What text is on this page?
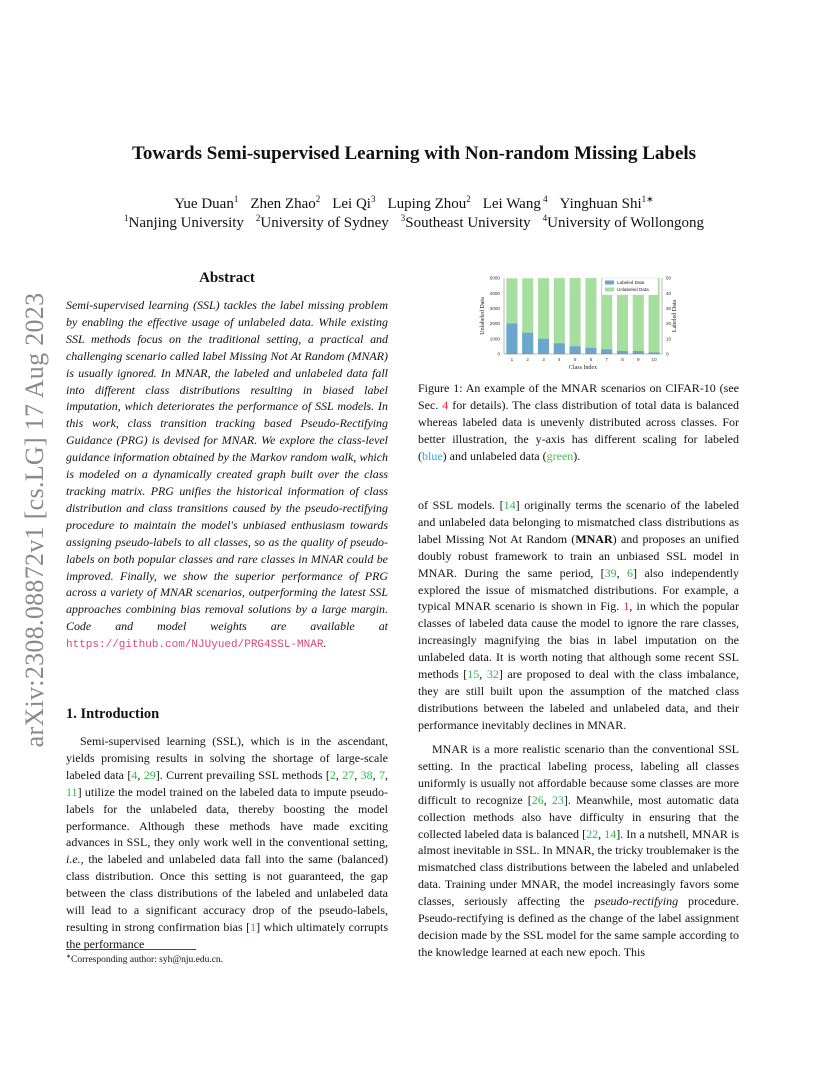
arXiv:2308.08872v1 [cs.LG] 17 Aug 2023
Towards Semi-supervised Learning with Non-random Missing Labels
Yue Duan$^1$ Zhen Zhao$^2$ Lei Qi$^3$ Luping Zhou$^2$ Lei Wang $^4$ Yinghuan Shi$^{1∗}$
$^1$Nanjing University $^2$University of Sydney $^3$Southeast University $^4$University of Wollongong
Abstract

Semi-supervised learning (SSL) tackles the label missing problem by enabling the effective usage of unlabeled data. While existing SSL methods focus on the traditional setting, a practical and challenging scenario called label Missing Not At Random (MNAR) is usually ignored. In MNAR, the labeled and unlabeled data fall into different class distributions resulting in biased label imputation, which deteriorates the performance of SSL models. In this work, class transition tracking based Pseudo-Rectifying Guidance (PRG) is devised for MNAR. We explore the class-level guidance information obtained by the Markov random walk, which is modeled on a dynamically created graph built over the class tracking matrix. PRG unifies the historical information of class distribution and class transitions caused by the pseudo-rectifying procedure to maintain the model's unbiased enthusiasm towards assigning pseudo-labels to all classes, so as the quality of pseudo-labels on both popular classes and rare classes in MNAR could be improved. Finally, we show the superior performance of PRG across a variety of MNAR scenarios, outperforming the latest SSL approaches combining bias removal solutions by a large margin. Code and model weights are available at https://github.com/NJUyued/PRG4SSL-MNAR.

1. Introduction

Semi-supervised learning (SSL), which is in the ascendant, yields promising results in solving the shortage of large-scale labeled data [4, 29]. Current prevailing SSL methods [2, 27, 38, 7, 11] utilize the model trained on the labeled data to impute pseudo-labels for the unlabeled data, thereby boosting the model performance. Although these methods have made exciting advances in SSL, they only work well in the conventional setting, i.e., the labeled and unlabeled data fall into the same (balanced) class distribution. Once this setting is not guaranteed, the gap between the class distributions of the labeled and unlabeled data will lead to a significant accuracy drop of the pseudo-labels, resulting in strong confirmation bias [1] which ultimately corrupts the performance

∗Corresponding author: syh@nju.edu.cn.
1	2	3	4	5	6	7	8	9	10
0
1000
2000
3000
4000
5000
0
10
20
30
40
50
Class Index
Unlabeled Data	Labeled Data
Labeled Data
Unlabeled Data

Figure 1: An example of the MNAR scenarios on CIFAR-10 (see Sec. 4 for details). The class distribution of total data is balanced whereas labeled data is unevenly distributed across classes. For better illustration, the y-axis has different scaling for labeled (blue) and unlabeled data (green).

of SSL models. [14] originally terms the scenario of the labeled and unlabeled data belonging to mismatched class distributions as label Missing Not At Random (MNAR) and proposes an unified doubly robust framework to train an unbiased SSL model in MNAR. During the same period, [39, 6] also independently explored the issue of mismatched distributions. For example, a typical MNAR scenario is shown in Fig. 1, in which the popular classes of labeled data cause the model to ignore the rare classes, increasingly magnifying the bias in label imputation on the unlabeled data. It is worth noting that although some recent SSL methods [15, 32] are proposed to deal with the class imbalance, they are still built upon the assumption of the matched class distributions between the labeled and unlabeled data, and their performance inevitably declines in MNAR.

MNAR is a more realistic scenario than the conventional SSL setting. In the practical labeling process, labeling all classes uniformly is usually not affordable because some classes are more difficult to recognize [26, 23]. Meanwhile, most automatic data collection methods also have difficulty in ensuring that the collected labeled data is balanced [22, 14]. In a nutshell, MNAR is almost inevitable in SSL. In MNAR, the tricky troublemaker is the mismatched class distributions between the labeled and unlabeled data. Training under MNAR, the model increasingly favors some classes, seriously affecting the pseudo-rectifying procedure. Pseudo-rectifying is defined as the change of the label assignment decision made by the SSL model for the same sample according to the knowledge learned at each new epoch. This
